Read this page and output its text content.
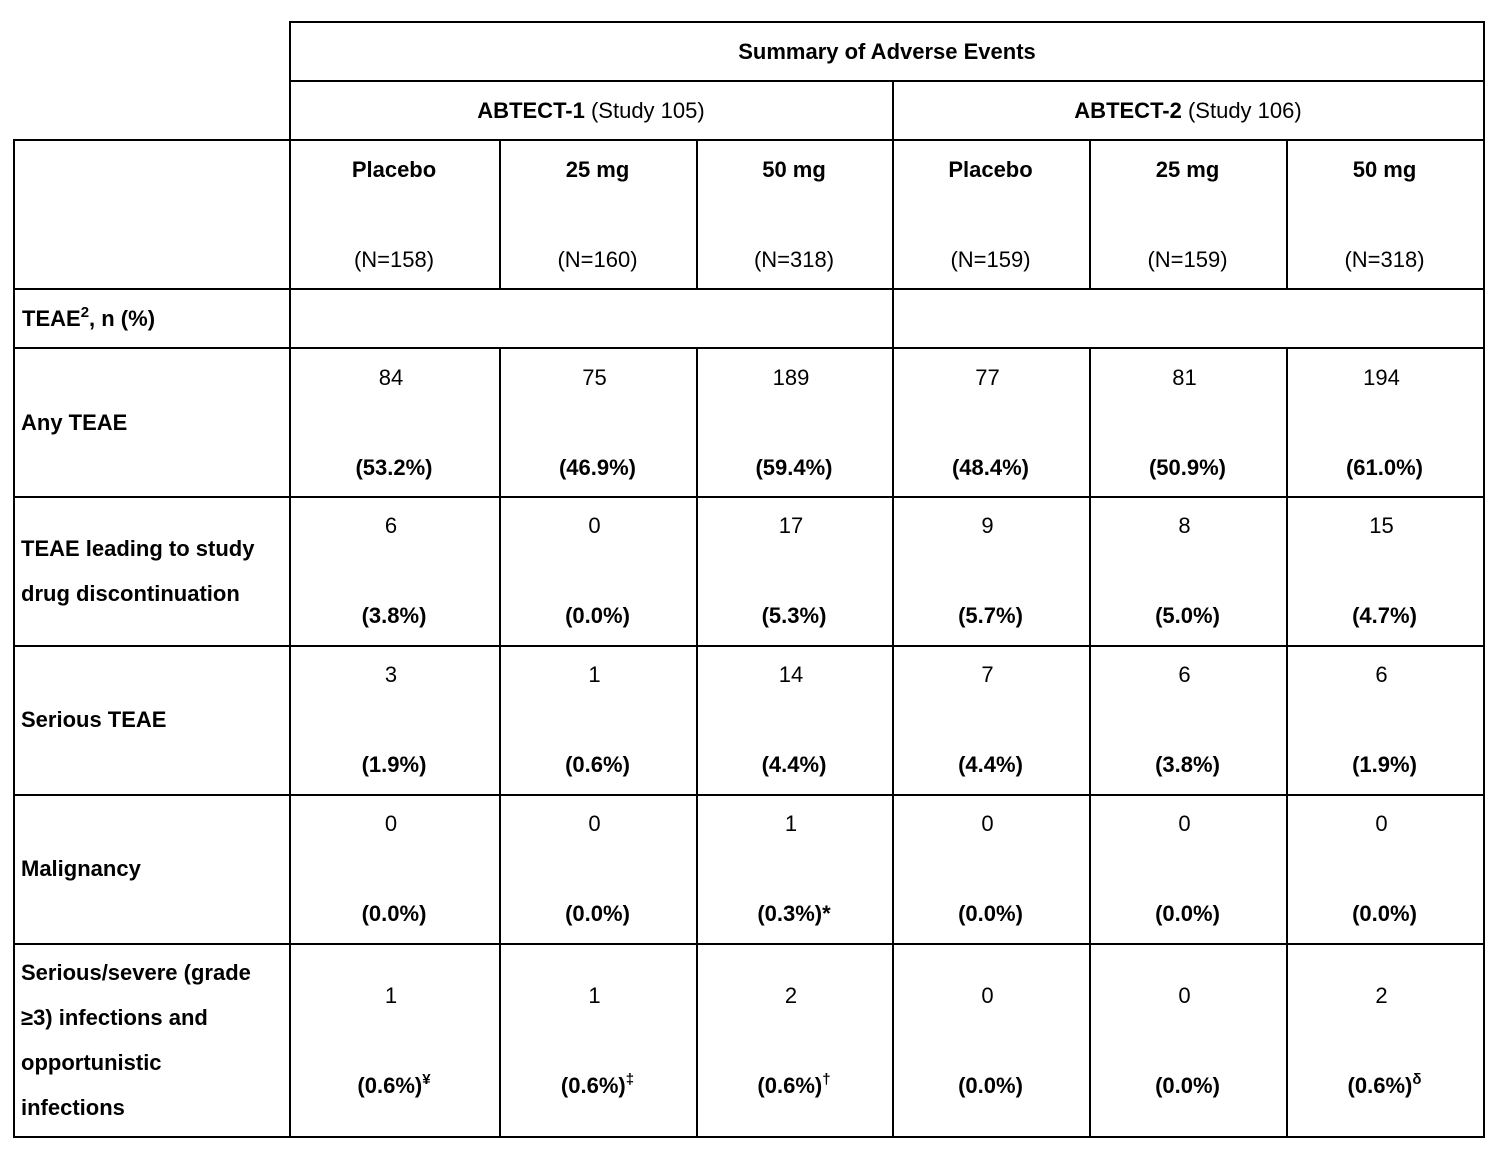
Summary of Adverse Events
ABTECT-1 (Study 105)	ABTECT-2 (Study 106)
Placebo
(N=158)
25 mg
(N=160)
50 mg
(N=318)
Placebo
(N=159)
25 mg
(N=159)
50 mg
(N=318)
TEAE$^2$, n (%)
Any TEAE
84
(53.2%)
75
(46.9%)
189
(59.4%)
77
(48.4%)
81
(50.9%)
194
(61.0%)
TEAE leading to study
drug discontinuation
6
(3.8%)
0
(0.0%)
17
(5.3%)
9
(5.7%)
8
(5.0%)
15
(4.7%)
Serious TEAE
3
(1.9%)
1
(0.6%)
14
(4.4%)
7
(4.4%)
6
(3.8%)
6
(1.9%)
Malignancy
0
(0.0%)
0
(0.0%)
1
(0.3%)*
0
(0.0%)
0
(0.0%)
0
(0.0%)
Serious/severe (grade
≥3) infections and
opportunistic
infections
1
(0.6%)¥
1
(0.6%)‡
2
(0.6%)†
0
(0.0%)
0
(0.0%)
2
$(0.6\%)^\delta$
